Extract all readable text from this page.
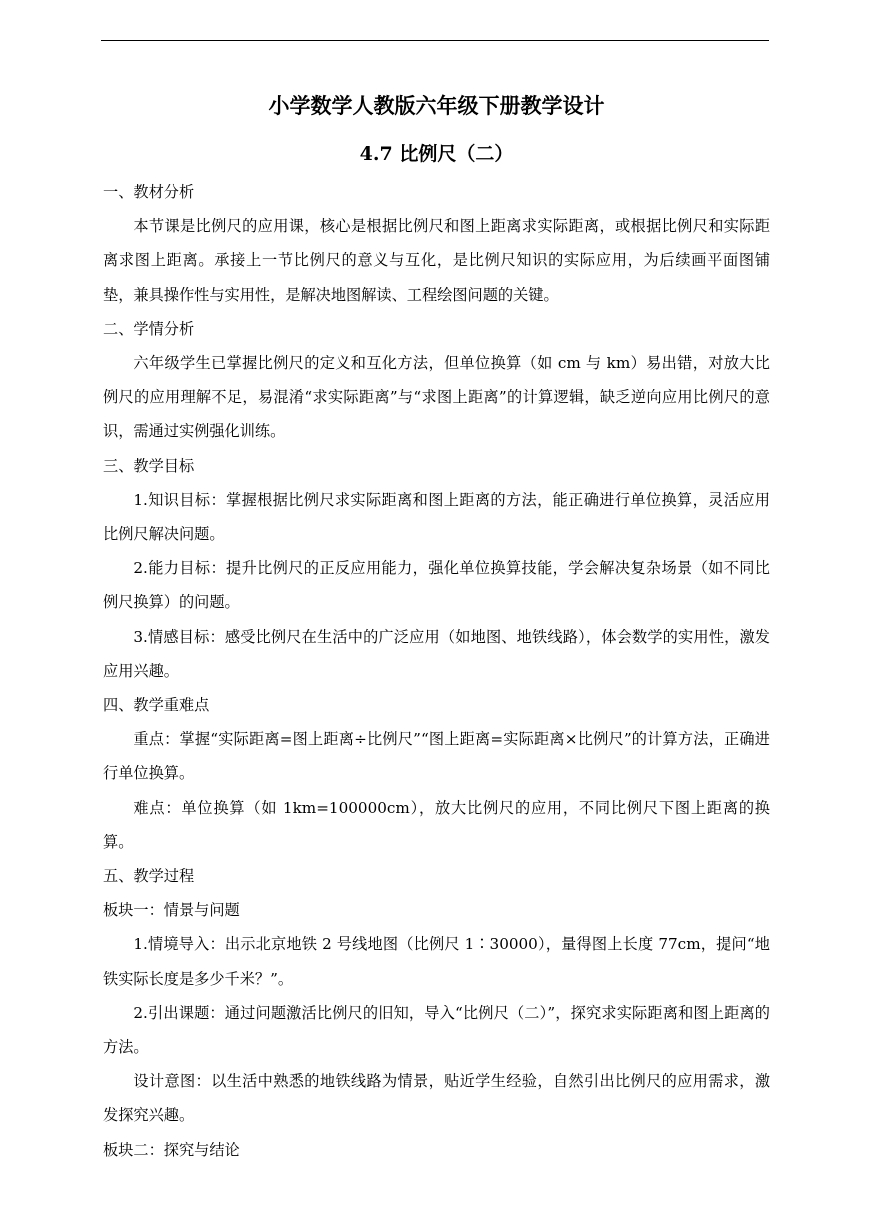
小学数学人教版六年级下册教学设计
4.7 比例尺（二）

一、教材分析

本节课是比例尺的应用课，核心是根据比例尺和图上距离求实际距离，或根据比例尺和实际距离求图上距离。承接上一节比例尺的意义与互化，是比例尺知识的实际应用，为后续画平面图铺垫，兼具操作性与实用性，是解决地图解读、工程绘图问题的关键。

二、学情分析

六年级学生已掌握比例尺的定义和互化方法，但单位换算（如 cm 与 km）易出错，对放大比例尺的应用理解不足，易混淆“求实际距离”与“求图上距离”的计算逻辑，缺乏逆向应用比例尺的意识，需通过实例强化训练。

三、教学目标

1.知识目标：掌握根据比例尺求实际距离和图上距离的方法，能正确进行单位换算，灵活应用比例尺解决问题。

2.能力目标：提升比例尺的正反应用能力，强化单位换算技能，学会解决复杂场景（如不同比例尺换算）的问题。

3.情感目标：感受比例尺在生活中的广泛应用（如地图、地铁线路），体会数学的实用性，激发应用兴趣。

四、教学重难点

重点：掌握“实际距离=图上距离÷比例尺”“图上距离=实际距离×比例尺”的计算方法，正确进行单位换算。

难点：单位换算（如 1km=100000cm），放大比例尺的应用，不同比例尺下图上距离的换算。

五、教学过程

板块一：情景与问题

1.情境导入：出示北京地铁 2 号线地图（比例尺 1∶30000），量得图上长度 77cm，提问“地铁实际长度是多少千米？”。

2.引出课题：通过问题激活比例尺的旧知，导入“比例尺（二）”，探究求实际距离和图上距离的方法。

设计意图：以生活中熟悉的地铁线路为情景，贴近学生经验，自然引出比例尺的应用需求，激发探究兴趣。

板块二：探究与结论
